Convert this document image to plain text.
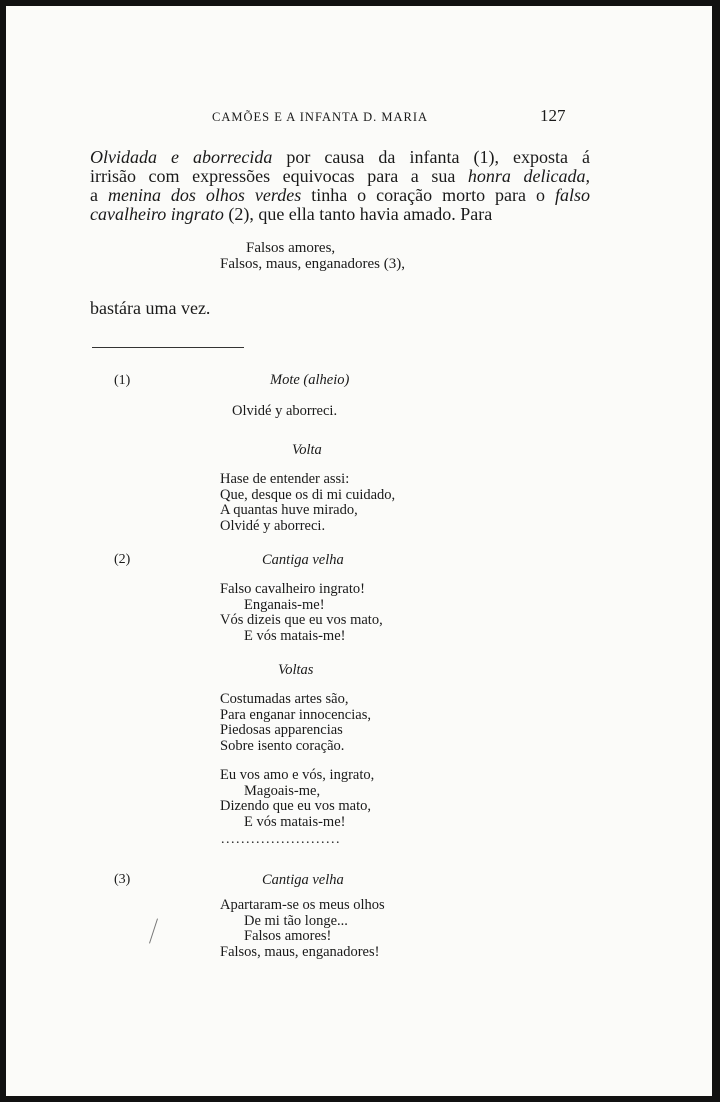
CAMÕES E A INFANTA D. MARIA	127
Olvidada e aborrecida por causa da infanta (1), exposta á
irrisão com expressões equivocas para a sua honra delicada,
a menina dos olhos verdes tinha o coração morto para o falso
cavalheiro ingrato (2), que ella tanto havia amado. Para
Falsos amores,
Falsos, maus, enganadores (3),
bastára uma vez.
(1)	Mote (alheio)
Olvidé y aborreci.
Volta
Hase de entender assi:
Que, desque os di mi cuidado,
A quantas huve mirado,
Olvidé y aborreci.
(2)	Cantiga velha
Falso cavalheiro ingrato!
Enganais-me!
Vós dizeis que eu vos mato,
E vós matais-me!
Voltas
Costumadas artes são,
Para enganar innocencias,
Piedosas apparencias
Sobre isento coração.
Eu vos amo e vós, ingrato,
Magoais-me,
Dizendo que eu vos mato,
E vós matais-me!
........................
(3)	Cantiga velha
Apartaram-se os meus olhos
De mi tão longe...
Falsos amores!
Falsos, maus, enganadores!
